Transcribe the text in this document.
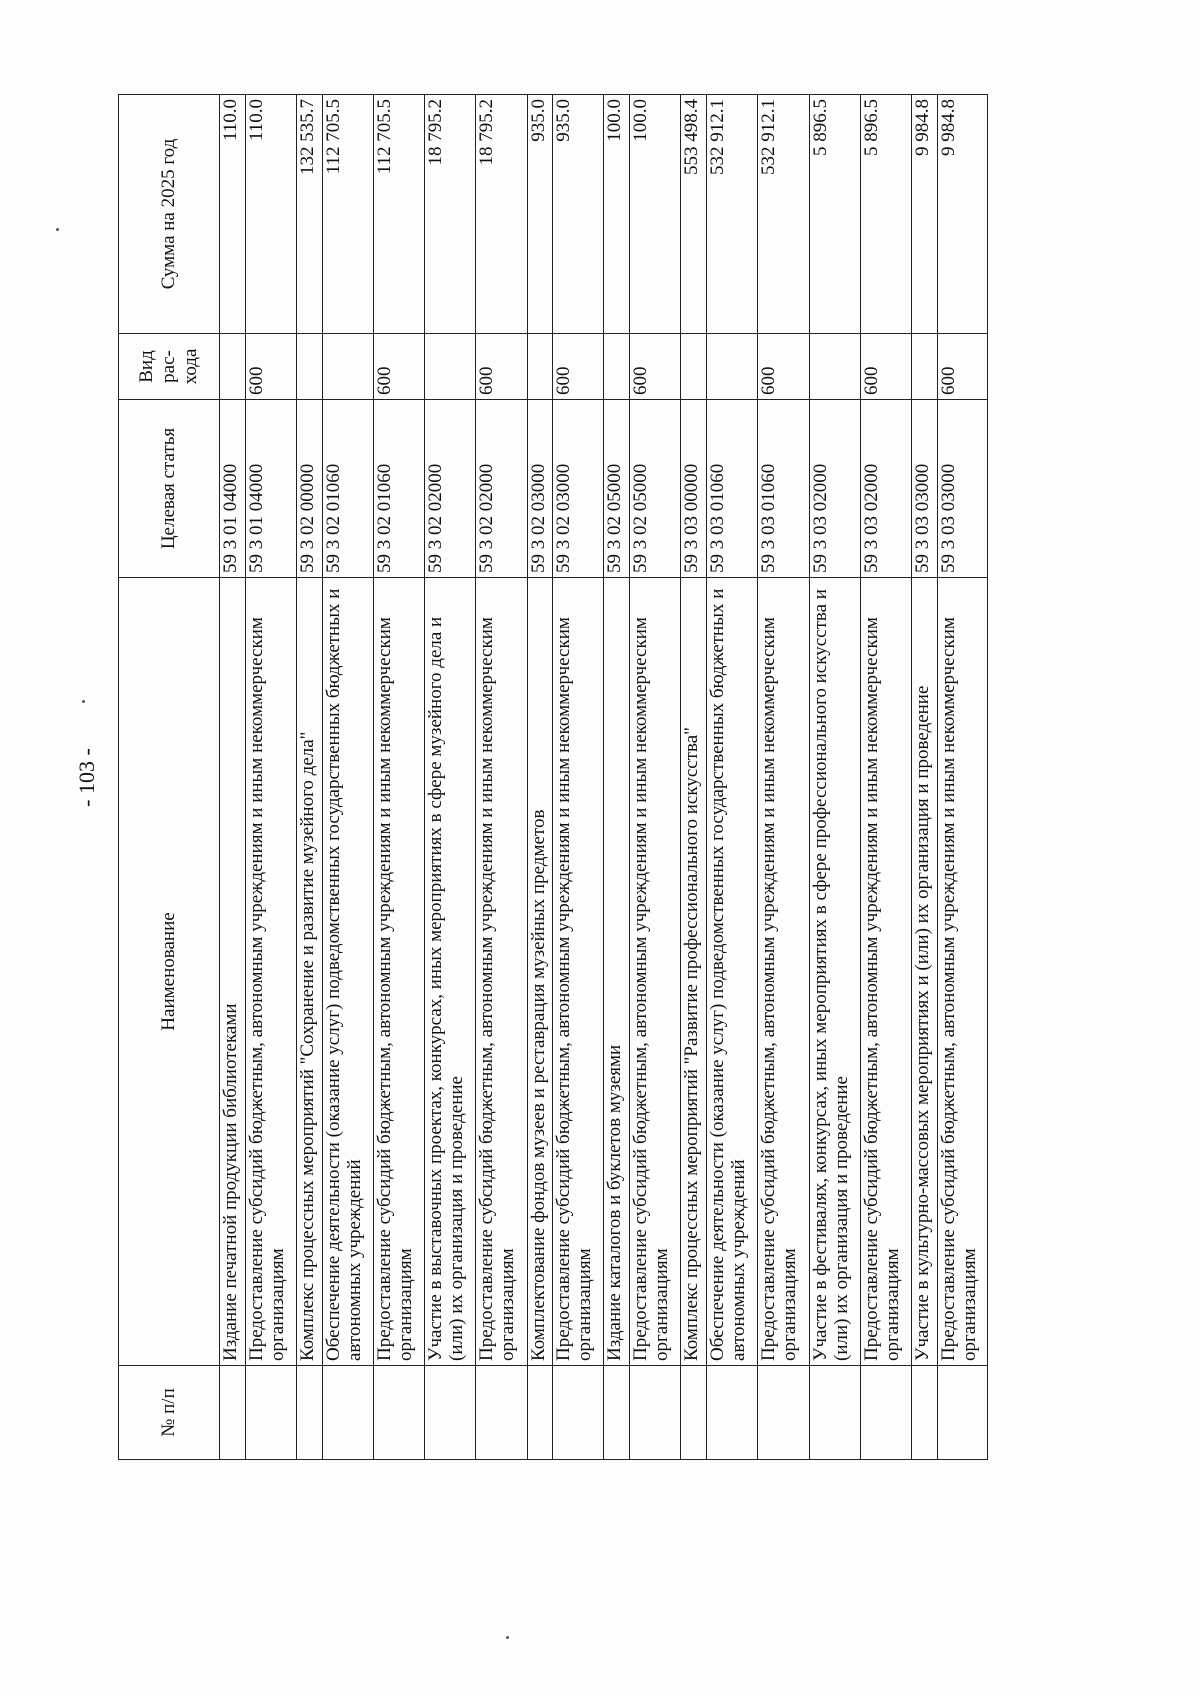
- 103 -
№ п/п	Наименование	Целевая статья	Вид рас-хода	Сумма на 2025 год
	Издание печатной продукции библиотеками	59 3 01 04000		110.0
	Предоставление субсидий бюджетным, автономным учреждениям и иным некоммерческим организациям	59 3 01 04000	600	110.0
	Комплекс процессных мероприятий "Сохранение и развитие музейного дела"	59 3 02 00000		132 535.7
	Обеспечение деятельности (оказание услуг) подведомственных государственных бюджетных и автономных учреждений	59 3 02 01060		112 705.5
	Предоставление субсидий бюджетным, автономным учреждениям и иным некоммерческим организациям	59 3 02 01060	600	112 705.5
	Участие в выставочных проектах, конкурсах, иных мероприятиях в сфере музейного дела и (или) их организация и проведение	59 3 02 02000		18 795.2
	Предоставление субсидий бюджетным, автономным учреждениям и иным некоммерческим организациям	59 3 02 02000	600	18 795.2
	Комплектование фондов музеев и реставрация музейных предметов	59 3 02 03000		935.0
	Предоставление субсидий бюджетным, автономным учреждениям и иным некоммерческим организациям	59 3 02 03000	600	935.0
	Издание каталогов и буклетов музеями	59 3 02 05000		100.0
	Предоставление субсидий бюджетным, автономным учреждениям и иным некоммерческим организациям	59 3 02 05000	600	100.0
	Комплекс процессных мероприятий "Развитие профессионального искусства"	59 3 03 00000		553 498.4
	Обеспечение деятельности (оказание услуг) подведомственных государственных бюджетных и автономных учреждений	59 3 03 01060		532 912.1
	Предоставление субсидий бюджетным, автономным учреждениям и иным некоммерческим организациям	59 3 03 01060	600	532 912.1
	Участие в фестивалях, конкурсах, иных мероприятиях в сфере профессионального искусства и (или) их организация и проведение	59 3 03 02000		5 896.5
	Предоставление субсидий бюджетным, автономным учреждениям и иным некоммерческим организациям	59 3 03 02000	600	5 896.5
	Участие в культурно-массовых мероприятиях и (или) их организация и проведение	59 3 03 03000		9 984.8
	Предоставление субсидий бюджетным, автономным учреждениям и иным некоммерческим организациям	59 3 03 03000	600	9 984.8
